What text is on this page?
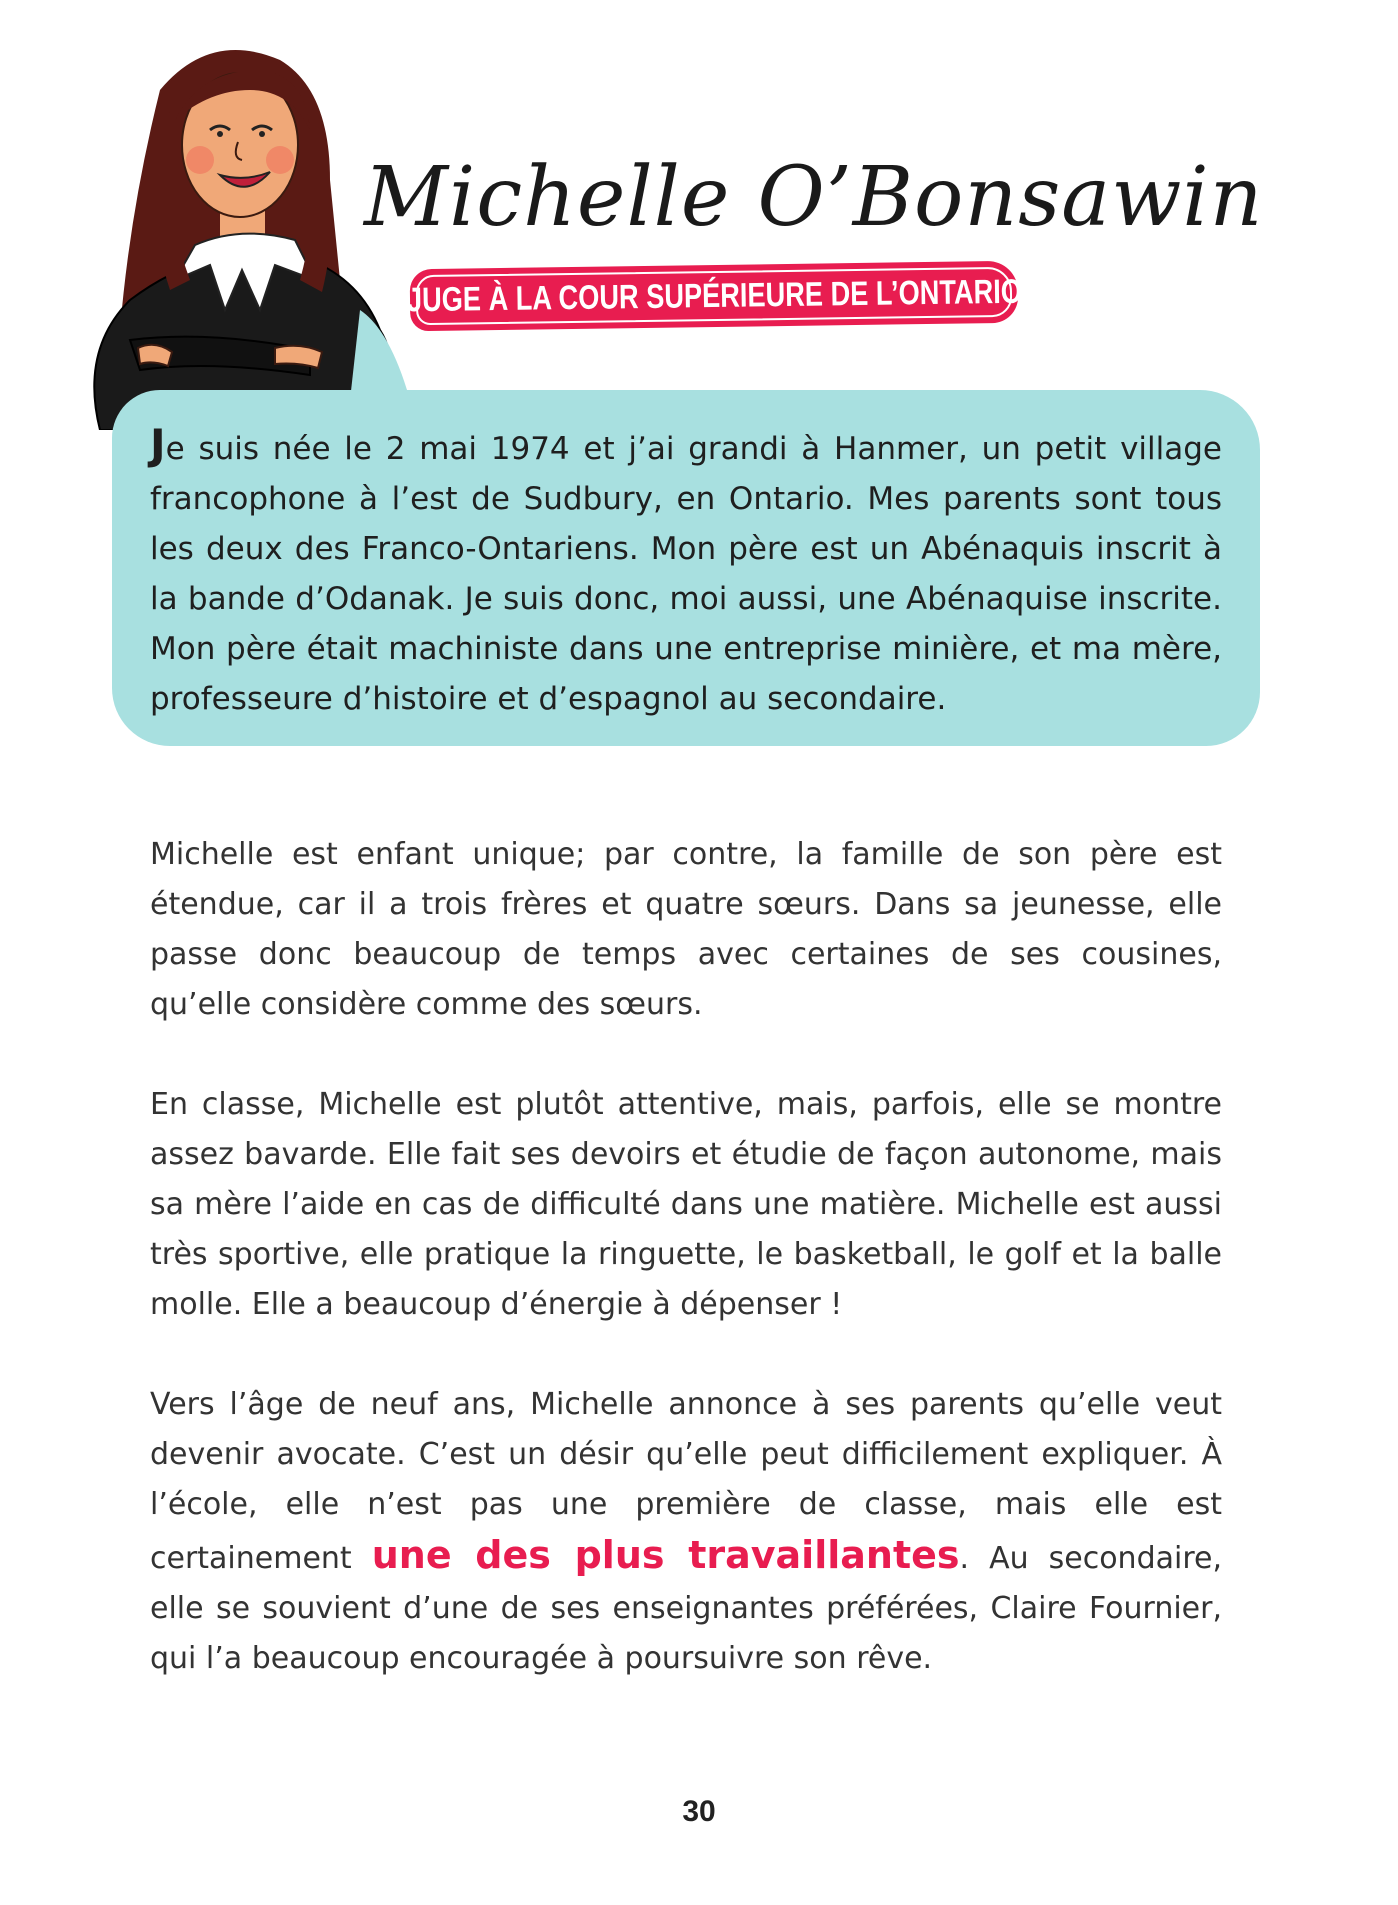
Michelle O’Bonsawin
JUGE À LA COUR SUPÉRIEURE DE L’ONTARIO
Je suis née le 2 mai 1974 et j’ai grandi à Hanmer, un petit village francophone à l’est de Sudbury, en Ontario. Mes parents sont tous les deux des Franco-Ontariens. Mon père est un Abénaquis inscrit à la bande d’Odanak. Je suis donc, moi aussi, une Abénaquise inscrite. Mon père était machiniste dans une entreprise minière, et ma mère, professeure d’histoire et d’espagnol au secondaire.

Michelle est enfant unique; par contre, la famille de son père est étendue, car il a trois frères et quatre sœurs. Dans sa jeunesse, elle passe donc beaucoup de temps avec certaines de ses cousines, qu’elle considère comme des sœurs.

En classe, Michelle est plutôt attentive, mais, parfois, elle se montre assez bavarde. Elle fait ses devoirs et étudie de façon autonome, mais sa mère l’aide en cas de difficulté dans une matière. Michelle est aussi très sportive, elle pratique la ringuette, le basketball, le golf et la balle molle. Elle a beaucoup d’énergie à dépenser !

Vers l’âge de neuf ans, Michelle annonce à ses parents qu’elle veut devenir avocate. C’est un désir qu’elle peut difficilement expliquer. À l’école, elle n’est pas une première de classe, mais elle est certainement une des plus travaillantes. Au secondaire, elle se souvient d’une de ses enseignantes préférées, Claire Fournier, qui l’a beaucoup encouragée à poursuivre son rêve.

30
